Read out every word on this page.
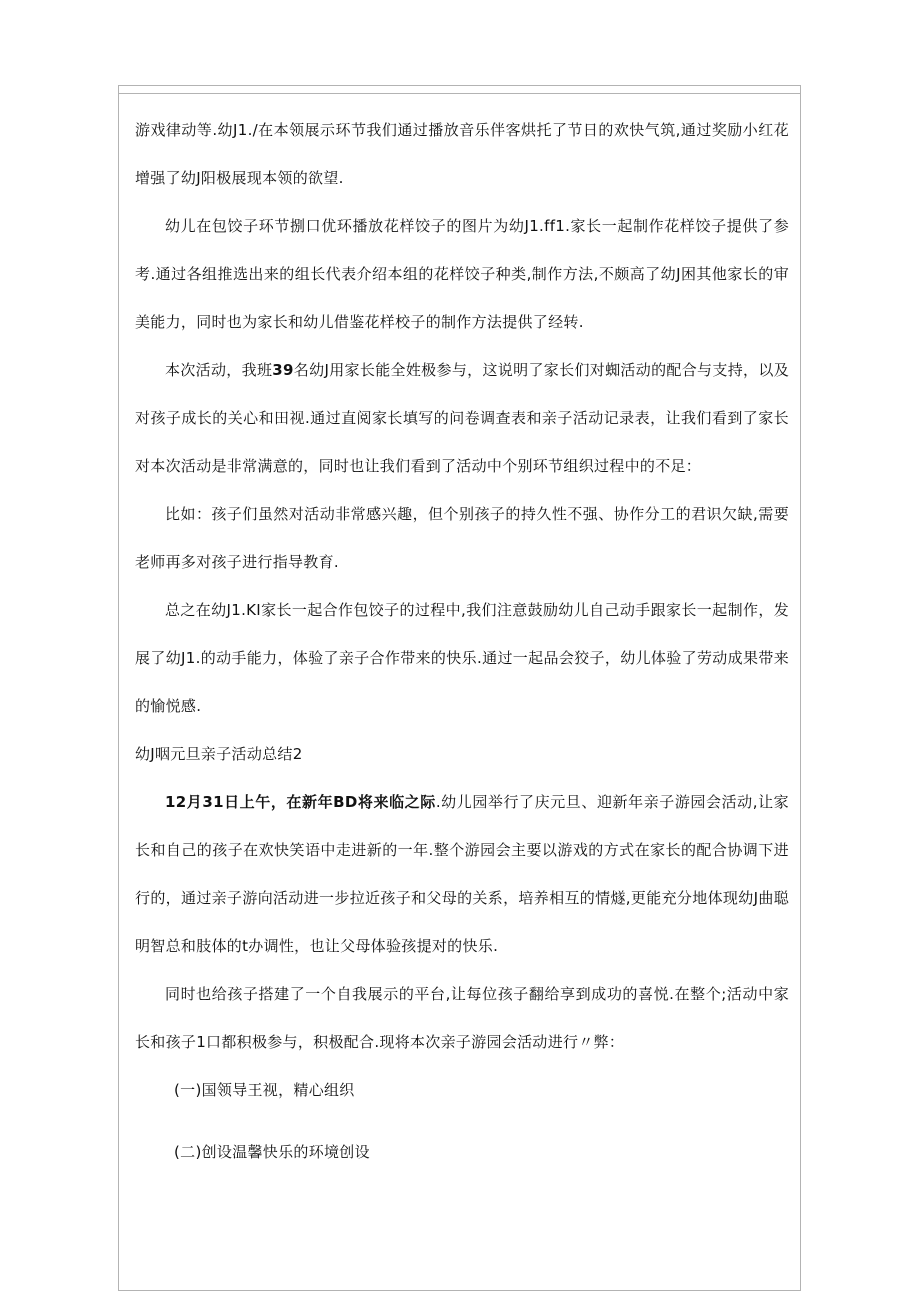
游戏律动等.幼J1./在本领展示环节我们通过播放音乐伴客烘托了节日的欢快气筑,通过奖励小红花增强了幼J阳极展现本领的欲望.

幼儿在包饺子环节捌口优环播放花样饺子的图片为幼J1.ff1.家长一起制作花样饺子提供了参考.通过各组推选出来的组长代表介绍本组的花样饺子种类,制作方法,不颇高了幼J困其他家长的审美能力，同时也为家长和幼儿借鉴花样校子的制作方法提供了经转.

本次活动，我班39名幼J用家长能全姓极参与，这说明了家长们对蜘活动的配合与支持，以及对孩子成长的关心和田视.通过直阅家长填写的问卷调查表和亲子活动记录表，让我们看到了家长对本次活动是非常满意的，同时也让我们看到了活动中个别环节组织过程中的不足：

比如：孩子们虽然对活动非常感兴趣，但个别孩子的持久性不强、协作分工的君识欠缺,需要老师再多对孩子进行指导教育.

总之在幼J1.KI家长一起合作包饺子的过程中,我们注意鼓励幼儿自己动手跟家长一起制作，发展了幼J1.的动手能力，体验了亲子合作带来的快乐.通过一起品会狡子，幼儿体验了劳动成果带来的愉悦感.

幼J咽元旦亲子活动总结2

12月31日上午，在新年BD将来临之际.幼儿园举行了庆元旦、迎新年亲子游园会活动,让家长和自己的孩子在欢快笑语中走进新的一年.整个游园会主要以游戏的方式在家长的配合协调下进行的，通过亲子游向活动进一步拉近孩子和父母的关系，培养相互的情燧,更能充分地体现幼J曲聪明智总和肢体的t办调性，也让父母体验孩提对的快乐.

同时也给孩子搭建了一个自我展示的平台,让每位孩子翻给享到成功的喜悦.在整个;活动中家长和孩子1口都积极参与，积极配合.现将本次亲子游园会活动进行〃弊：

(一)国领导王视，精心组织

(二)创设温馨快乐的环境创设
